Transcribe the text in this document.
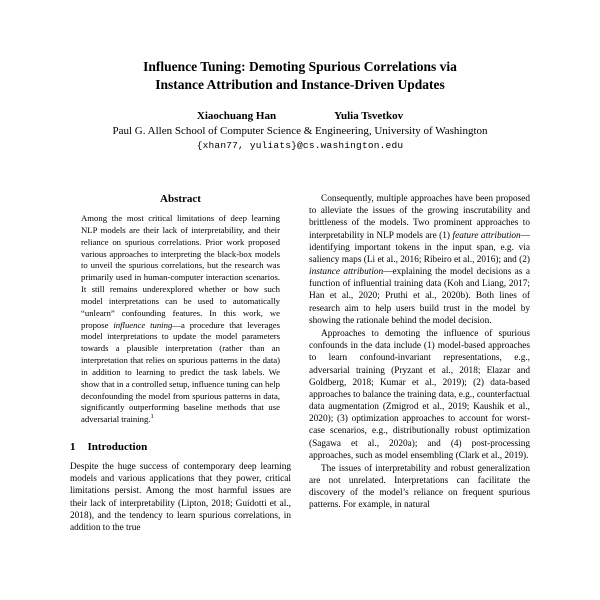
Influence Tuning: Demoting Spurious Correlations via
Instance Attribution and Instance-Driven Updates
Xiaochuang Han	Yulia Tsvetkov
Paul G. Allen School of Computer Science & Engineering, University of Washington
{xhan77, yuliats}@cs.washington.edu
Abstract
Among the most critical limitations of deep learning NLP models are their lack of interpretability, and their reliance on spurious correlations. Prior work proposed various approaches to interpreting the black-box models to unveil the spurious correlations, but the research was primarily used in human-computer interaction scenarios. It still remains underexplored whether or how such model interpretations can be used to automatically “unlearn” confounding features. In this work, we propose influence tuning—a procedure that leverages model interpretations to update the model parameters towards a plausible interpretation (rather than an interpretation that relies on spurious patterns in the data) in addition to learning to predict the task labels. We show that in a controlled setup, influence tuning can help deconfounding the model from spurious patterns in data, significantly outperforming baseline methods that use adversarial training.$^1$
1 Introduction

Despite the huge success of contemporary deep learning models and various applications that they power, critical limitations persist. Among the most harmful issues are their lack of interpretability (Lipton, 2018; Guidotti et al., 2018), and the tendency to learn spurious correlations, in addition to the true

Consequently, multiple approaches have been proposed to alleviate the issues of the growing inscrutability and brittleness of the models. Two prominent approaches to interpretability in NLP models are (1) feature attribution—identifying important tokens in the input span, e.g. via saliency maps (Li et al., 2016; Ribeiro et al., 2016); and (2) instance attribution—explaining the model decisions as a function of influential training data (Koh and Liang, 2017; Han et al., 2020; Pruthi et al., 2020b). Both lines of research aim to help users build trust in the model by showing the rationale behind the model decision.

Approaches to demoting the influence of spurious confounds in the data include (1) model-based approaches to learn confound-invariant representations, e.g., adversarial training (Pryzant et al., 2018; Elazar and Goldberg, 2018; Kumar et al., 2019); (2) data-based approaches to balance the training data, e.g., counterfactual data augmentation (Zmigrod et al., 2019; Kaushik et al., 2020); (3) optimization approaches to account for worst-case scenarios, e.g., distributionally robust optimization (Sagawa et al., 2020a); and (4) post-processing approaches, such as model ensembling (Clark et al., 2019).

The issues of interpretability and robust generalization are not unrelated. Interpretations can facilitate the discovery of the model’s reliance on frequent spurious patterns. For example, in natural
